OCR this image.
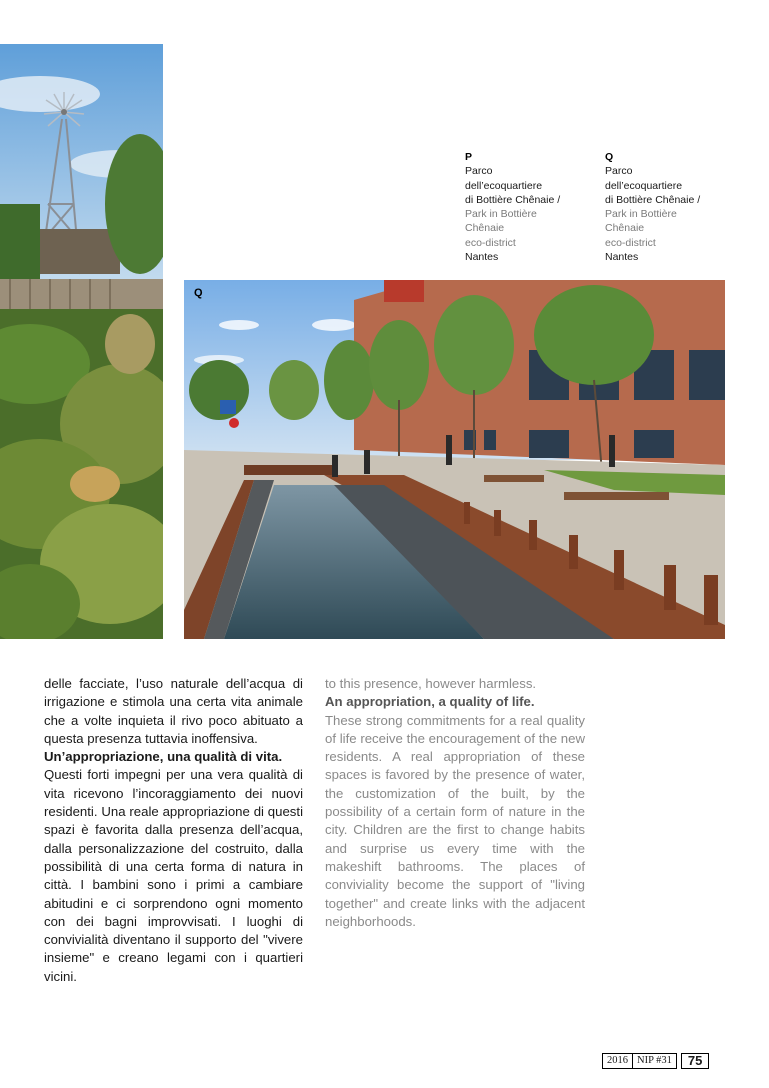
Q
P
Parco
dell’ecoquartiere
di Bottière Chênaie /
Park in Bottière
Chênaie
eco-district
Nantes
Q
Parco
dell’ecoquartiere
di Bottière Chênaie /
Park in Bottière
Chênaie
eco-district
Nantes

delle facciate, l’uso naturale dell’acqua di irrigazione e stimola una certa vita animale che a volte inquieta il rivo poco abituato a questa presenza tuttavia inoffensiva.

Un’appropriazione, una qualità di vita.

Questi forti impegni per una vera qualità di vita ricevono l’incoraggiamento dei nuovi residenti. Una reale appropriazione di questi spazi è favorita dalla presenza dell’acqua, dalla personalizzazione del costruito, dalla possibilità di una certa forma di natura in città. I bambini sono i primi a cambiare abitudini e ci sorprendono ogni momento con dei bagni improvvisati. I luoghi di convivialità diventano il supporto del "vivere insieme" e creano legami con i quartieri vicini.

to this presence, however harmless.

An appropriation, a quality of life.

These strong commitments for a real quality of life receive the encouragement of the new residents. A real appropriation of these spaces is favored by the presence of water, the customization of the built, by the possibility of a certain form of nature in the city. Children are the first to change habits and surprise us every time with the makeshift bathrooms. The places of conviviality become the support of "living together" and create links with the adjacent neighborhoods.

2016 NIP #31	75
